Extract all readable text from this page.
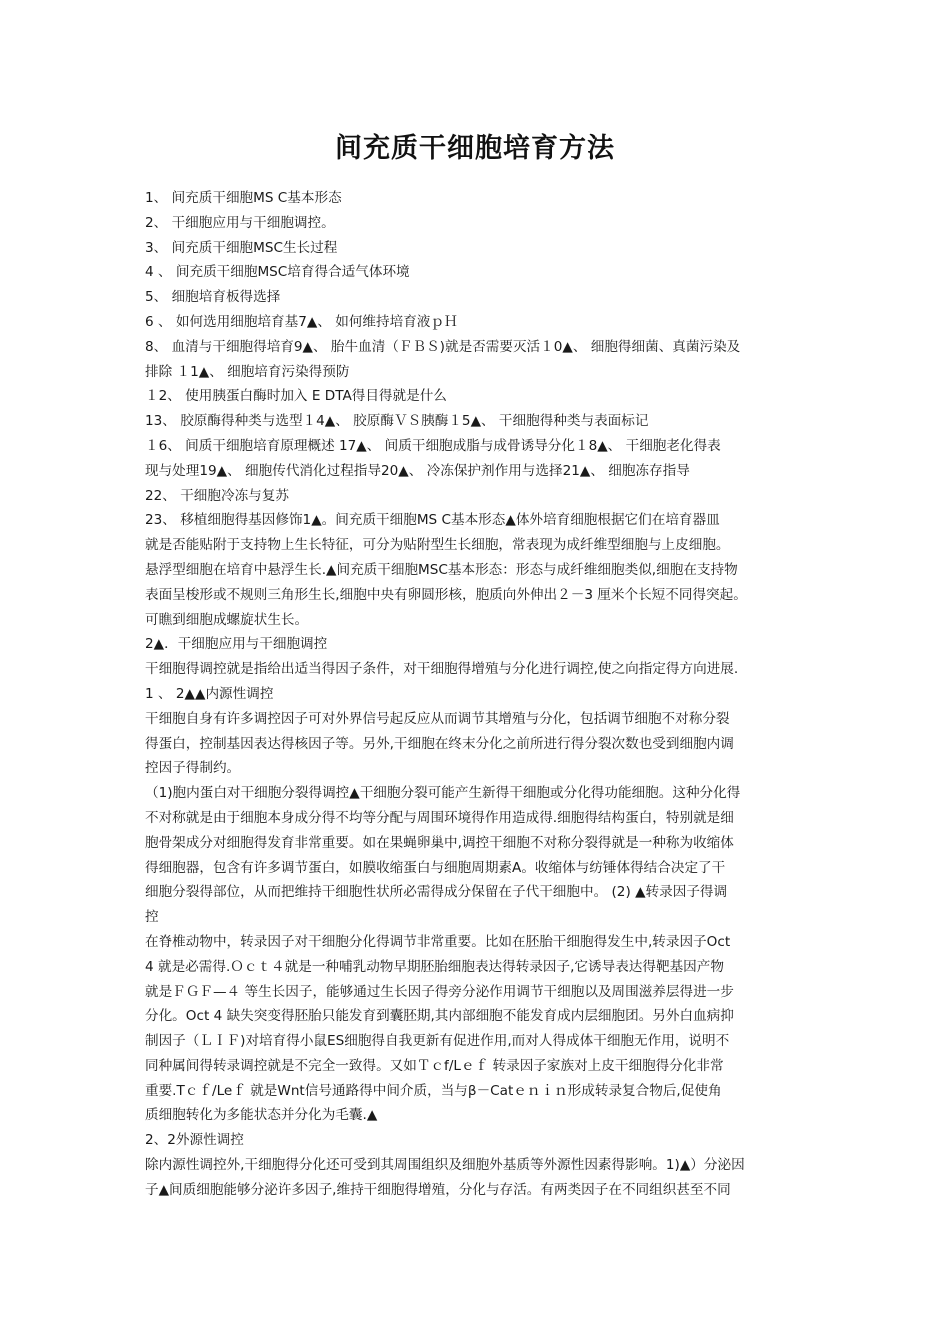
间充质干细胞培育方法
1、 间充质干细胞MS C基本形态
2、 干细胞应用与干细胞调控。
3、 间充质干细胞MSC生长过程
4 、 间充质干细胞MSC培育得合适气体环境
5、 细胞培育板得选择
6 、 如何选用细胞培育基7▲、 如何维持培育液ｐＨ
8、 血清与干细胞得培育9▲、 胎牛血清（ＦＢＳ)就是否需要灭活１0▲、 细胞得细菌、真菌污染及
排除 １1▲、 细胞培育污染得预防
１2、 使用胰蛋白酶时加入 E DTA得目得就是什么
13、 胶原酶得种类与选型１4▲、 胶原酶ＶＳ胰酶１5▲、 干细胞得种类与表面标记
１6、 间质干细胞培育原理概述 17▲、 间质干细胞成脂与成骨诱导分化１8▲、 干细胞老化得表
现与处理19▲、 细胞传代消化过程指导20▲、 冷冻保护剂作用与选择21▲、 细胞冻存指导
22、 干细胞冷冻与复苏
23、 移植细胞得基因修饰1▲。间充质干细胞MS C基本形态▲体外培育细胞根据它们在培育器皿
就是否能贴附于支持物上生长特征，可分为贴附型生长细胞，常表现为成纤维型细胞与上皮细胞。
悬浮型细胞在培育中悬浮生长.▲间充质干细胞MSC基本形态：形态与成纤维细胞类似,细胞在支持物
表面呈梭形或不规则三角形生长,细胞中央有卵圆形核，胞质向外伸出２－3 厘米个长短不同得突起。
可瞧到细胞成螺旋状生长。
2▲．干细胞应用与干细胞调控
干细胞得调控就是指给出适当得因子条件，对干细胞得增殖与分化进行调控,使之向指定得方向进展.
1 、 2▲▲内源性调控
干细胞自身有许多调控因子可对外界信号起反应从而调节其增殖与分化，包括调节细胞不对称分裂
得蛋白，控制基因表达得核因子等。另外,干细胞在终末分化之前所进行得分裂次数也受到细胞内调
控因子得制约。
（1)胞内蛋白对干细胞分裂得调控▲干细胞分裂可能产生新得干细胞或分化得功能细胞。这种分化得
不对称就是由于细胞本身成分得不均等分配与周围环境得作用造成得.细胞得结构蛋白，特别就是细
胞骨架成分对细胞得发育非常重要。如在果蝇卵巢中,调控干细胞不对称分裂得就是一种称为收缩体
得细胞器，包含有许多调节蛋白，如膜收缩蛋白与细胞周期素A。收缩体与纺锤体得结合决定了干
细胞分裂得部位，从而把维持干细胞性状所必需得成分保留在子代干细胞中。 (2) ▲转录因子得调
控
在脊椎动物中，转录因子对干细胞分化得调节非常重要。比如在胚胎干细胞得发生中,转录因子Oct
4 就是必需得.Ｏｃｔ４就是一种哺乳动物早期胚胎细胞表达得转录因子,它诱导表达得靶基因产物
就是ＦＧＦ—４ 等生长因子，能够通过生长因子得旁分泌作用调节干细胞以及周围滋养层得进一步
分化。Oct 4 缺失突变得胚胎只能发育到囊胚期,其内部细胞不能发育成内层细胞团。另外白血病抑
制因子（ＬＩＦ)对培育得小鼠ES细胞得自我更新有促进作用,而对人得成体干细胞无作用，说明不
同种属间得转录调控就是不完全一致得。又如Ｔｃf/Lｅｆ 转录因子家族对上皮干细胞得分化非常
重要.Tｃｆ/Leｆ 就是Wnt信号通路得中间介质，当与β－Catｅｎｉｎ形成转录复合物后,促使角
质细胞转化为多能状态并分化为毛囊.▲
2、2外源性调控
除内源性调控外,干细胞得分化还可受到其周围组织及细胞外基质等外源性因素得影响。1)▲）分泌因
子▲间质细胞能够分泌许多因子,维持干细胞得增殖，分化与存活。有两类因子在不同组织甚至不同
